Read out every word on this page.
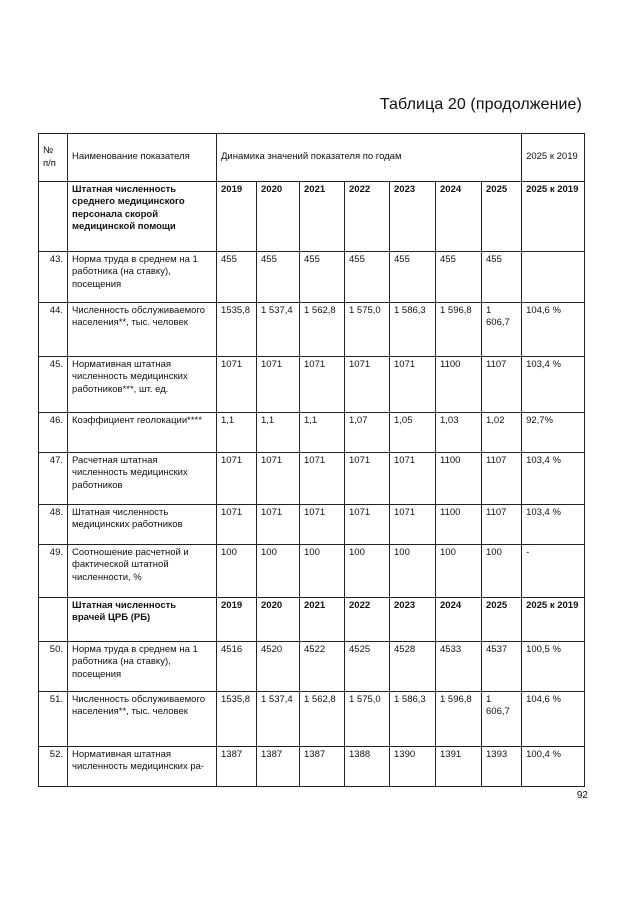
Таблица 20 (продолжение)
№ п/п	Наименование показателя	Динамика значений показателя по годам							2025 к 2019
	Штатная численность среднего медицинского персонала скорой медицинской помощи	2019	2020	2021	2022	2023	2024	2025	2025 к 2019
43.	Норма труда в среднем на 1 работника (на ставку), посещения	455	455	455	455	455	455	455	
44.	Численность обслуживаемого населения**, тыс. человек	1535,8	1 537,4	1 562,8	1 575,0	1 586,3	1 596,8	1 606,7	104,6 %
45.	Нормативная штатная численность медицинских работников***, шт. ед.	1071	1071	1071	1071	1071	1100	1107	103,4 %
46.	Коэффициент геолокации****	1,1	1,1	1,1	1,07	1,05	1,03	1,02	92,7%
47.	Расчетная штатная численность медицинских работников	1071	1071	1071	1071	1071	1100	1107	103,4 %
48.	Штатная численность медицинских работников	1071	1071	1071	1071	1071	1100	1107	103,4 %
49.	Соотношение расчетной и фактической штатной численности, %	100	100	100	100	100	100	100	-
	Штатная численность врачей ЦРБ (РБ)	2019	2020	2021	2022	2023	2024	2025	2025 к 2019
50.	Норма труда в среднем на 1 работника (на ставку), посещения	4516	4520	4522	4525	4528	4533	4537	100,5 %
51.	Численность обслуживаемого населения**, тыс. человек	1535,8	1 537,4	1 562,8	1 575,0	1 586,3	1 596,8	1 606,7	104,6 %
52.	Нормативная штатная численность медицинских ра-	1387	1387	1387	1388	1390	1391	1393	100,4 %
92
